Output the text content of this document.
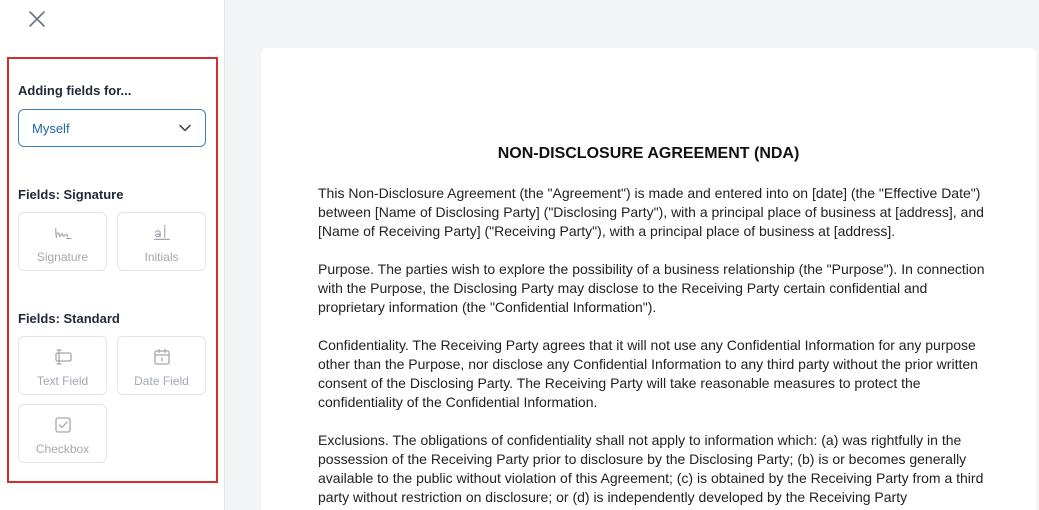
Adding fields for...
Myself
Fields: Signature
Signature	Initials
Fields: Standard
Text Field	Date Field
Checkbox
NON-DISCLOSURE AGREEMENT (NDA)

This Non-Disclosure Agreement (the "Agreement") is made and entered into on [date] (the "Effective Date") between [Name of Disclosing Party] ("Disclosing Party"), with a principal place of business at [address], and [Name of Receiving Party] ("Receiving Party"), with a principal place of business at [address].

Purpose. The parties wish to explore the possibility of a business relationship (the "Purpose"). In connection with the Purpose, the Disclosing Party may disclose to the Receiving Party certain confidential and proprietary information (the "Confidential Information").

Confidentiality. The Receiving Party agrees that it will not use any Confidential Information for any purpose other than the Purpose, nor disclose any Confidential Information to any third party without the prior written consent of the Disclosing Party. The Receiving Party will take reasonable measures to protect the confidentiality of the Confidential Information.

Exclusions. The obligations of confidentiality shall not apply to information which: (a) was rightfully in the possession of the Receiving Party prior to disclosure by the Disclosing Party; (b) is or becomes generally available to the public without violation of this Agreement; (c) is obtained by the Receiving Party from a third party without restriction on disclosure; or (d) is independently developed by the Receiving Party
